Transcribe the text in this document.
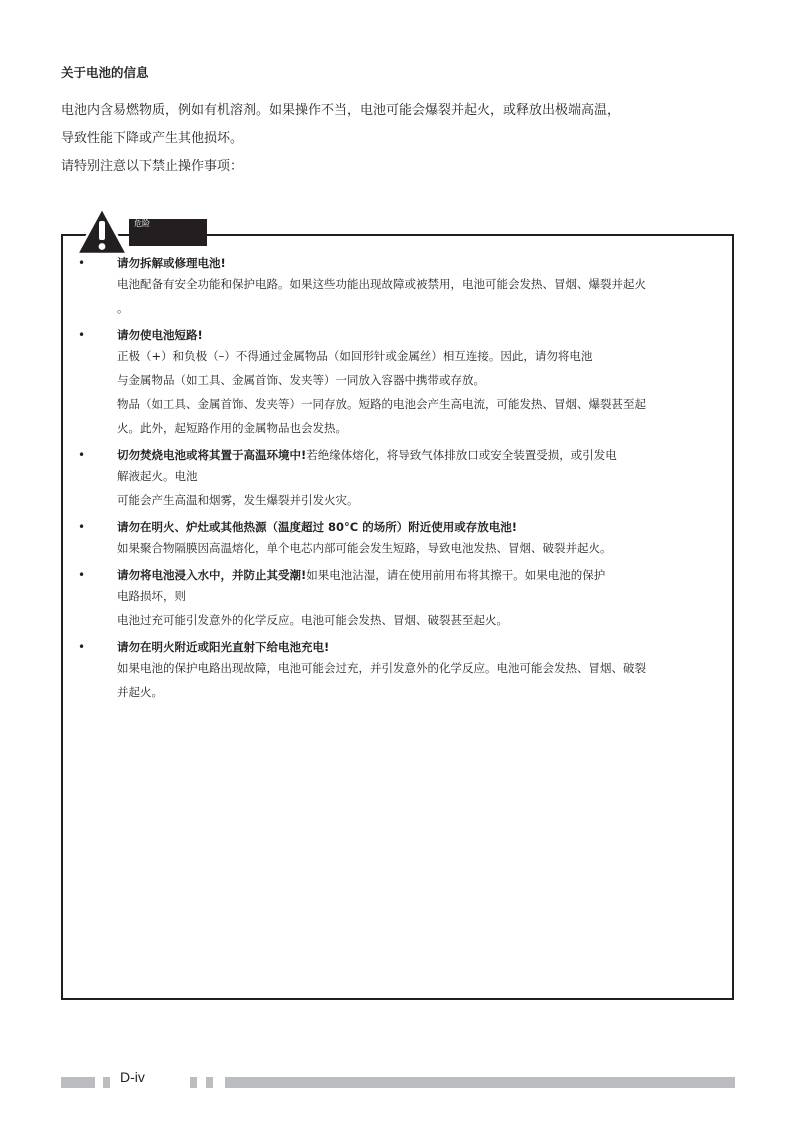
关于电池的信息
电池内含易燃物质，例如有机溶剂。如果操作不当，电池可能会爆裂并起火，或释放出极端高温，
导致性能下降或产生其他损坏。
请特别注意以下禁止操作事项：
危险
•	请勿拆解或修理电池!
电池配备有安全功能和保护电路。如果这些功能出现故障或被禁用，电池可能会发热、冒烟、爆裂并起火
。
•	请勿使电池短路!
正极（+）和负极（–）不得通过金属物品（如回形针或金属丝）相互连接。因此，请勿将电池
与金属物品（如工具、金属首饰、发夹等）一同放入容器中携带或存放。
物品（如工具、金属首饰、发夹等）一同存放。短路的电池会产生高电流，可能发热、冒烟、爆裂甚至起
火。此外，起短路作用的金属物品也会发热。
•	切勿焚烧电池或将其置于高温环境中!若绝缘体熔化，将导致气体排放口或安全装置受损，或引发电
解液起火。电池
可能会产生高温和烟雾，发生爆裂并引发火灾。
•	请勿在明火、炉灶或其他热源（温度超过 80°C 的场所）附近使用或存放电池!
如果聚合物隔膜因高温熔化，单个电芯内部可能会发生短路，导致电池发热、冒烟、破裂并起火。
•	请勿将电池浸入水中，并防止其受潮!如果电池沾湿，请在使用前用布将其擦干。如果电池的保护
电路损坏，则
电池过充可能引发意外的化学反应。电池可能会发热、冒烟、破裂甚至起火。
•	请勿在明火附近或阳光直射下给电池充电!
如果电池的保护电路出现故障，电池可能会过充，并引发意外的化学反应。电池可能会发热、冒烟、破裂
并起火。
D-iv
